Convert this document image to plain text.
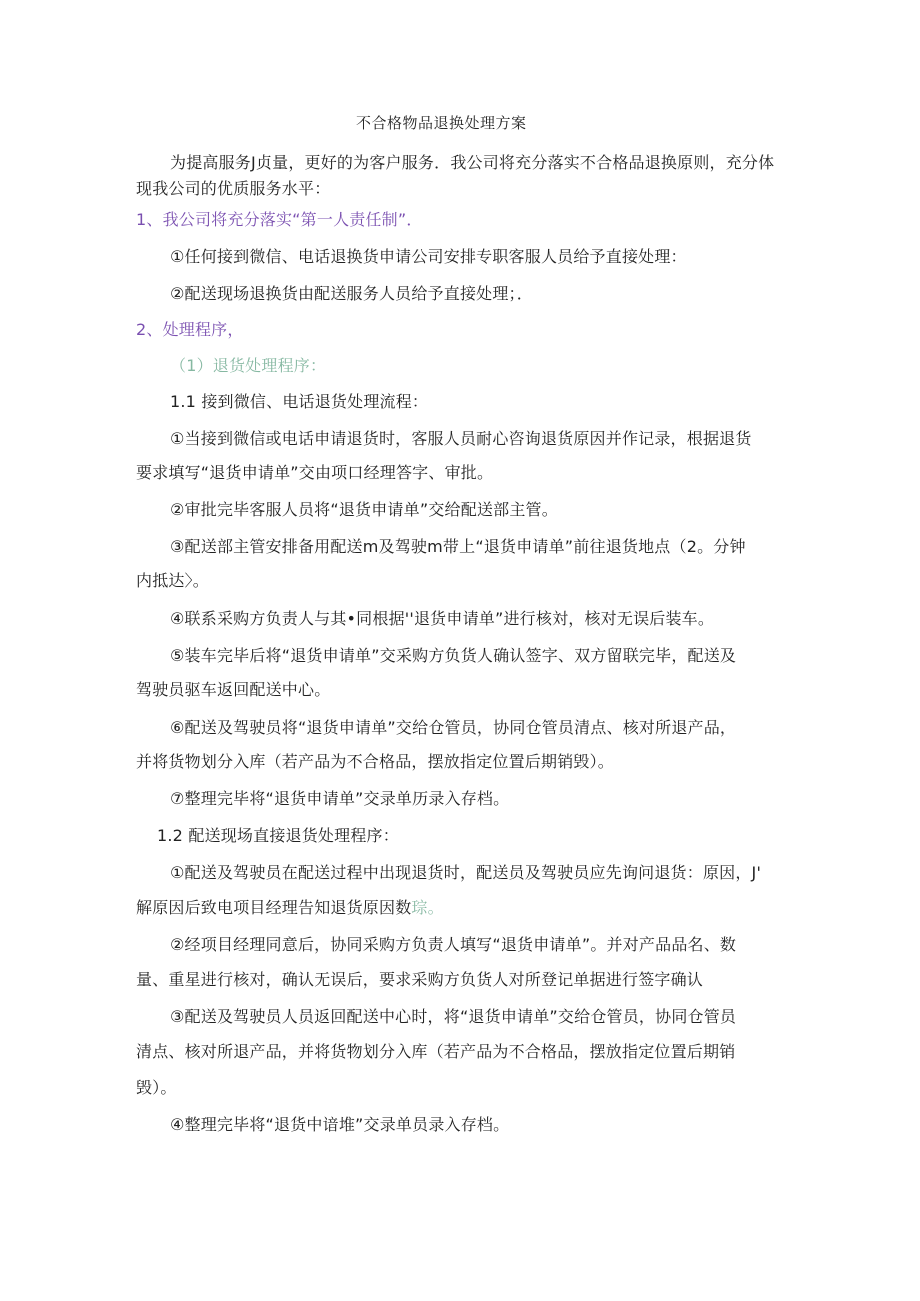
不合格物品退换处理方案

为提高服务J贞量，更好的为客户服务．我公司将充分落实不合格品退换原则，充分体

现我公司的优质服务水平：

1、我公司将充分落实“第一人责任制”．

①任何接到微信、电话退换货申请公司安排专职客服人员给予直接处理：

②配送现场退换货由配送服务人员给予直接处理；．

2、处理程序，

（1）退货处理程序：

1.1 接到微信、电话退货处理流程：

①当接到微信或电话申请退货时，客服人员耐心咨询退货原因并作记录，根据退货

要求填写“退货申请单”交由项口经理答字、审批。

②审批完毕客服人员将“退货申请单”交给配送部主管。

③配送部主管安排备用配送m及驾驶m带上“退货申请单”前往退货地点（2。分钟

内抵达〉。

④联系采购方负责人与其•同根据''退货申请单”进行核対，核对无误后装车。

⑤装车完毕后将“退货申请单”交采购方负货人确认签字、双方留联完毕，配送及

驾驶员驱车返回配送中心。

⑥配送及驾驶员将“退货申请单”交给仓管员，协同仓管员清点、核对所退产品，

并将货物划分入库（若产品为不合格品，摆放指定位置后期销毁）。

⑦整理完毕将“退货申请单”交录单历录入存档。

1.2 配送现场直接退货处理程序：

①配送及驾驶员在配送过程中出现退货时，配送员及驾驶员应先询问退货：原因，J'

解原因后致电项目经理告知退货原因数琮。

②经项目经理同意后，协同采购方负责人填写“退货申请单”。并对产品品名、数

量、重星进行核对，确认无误后，要求采购方负货人对所登记单据进行签字确认

③配送及驾驶员人员返回配送中心时，将“退货申请单”交给仓管员，协同仓管员

清点、核对所退产品，并将货物划分入库（若产品为不合格品，摆放指定位置后期销

毁）。

④整理完毕将“退货中谙堆”交录单员录入存档。
